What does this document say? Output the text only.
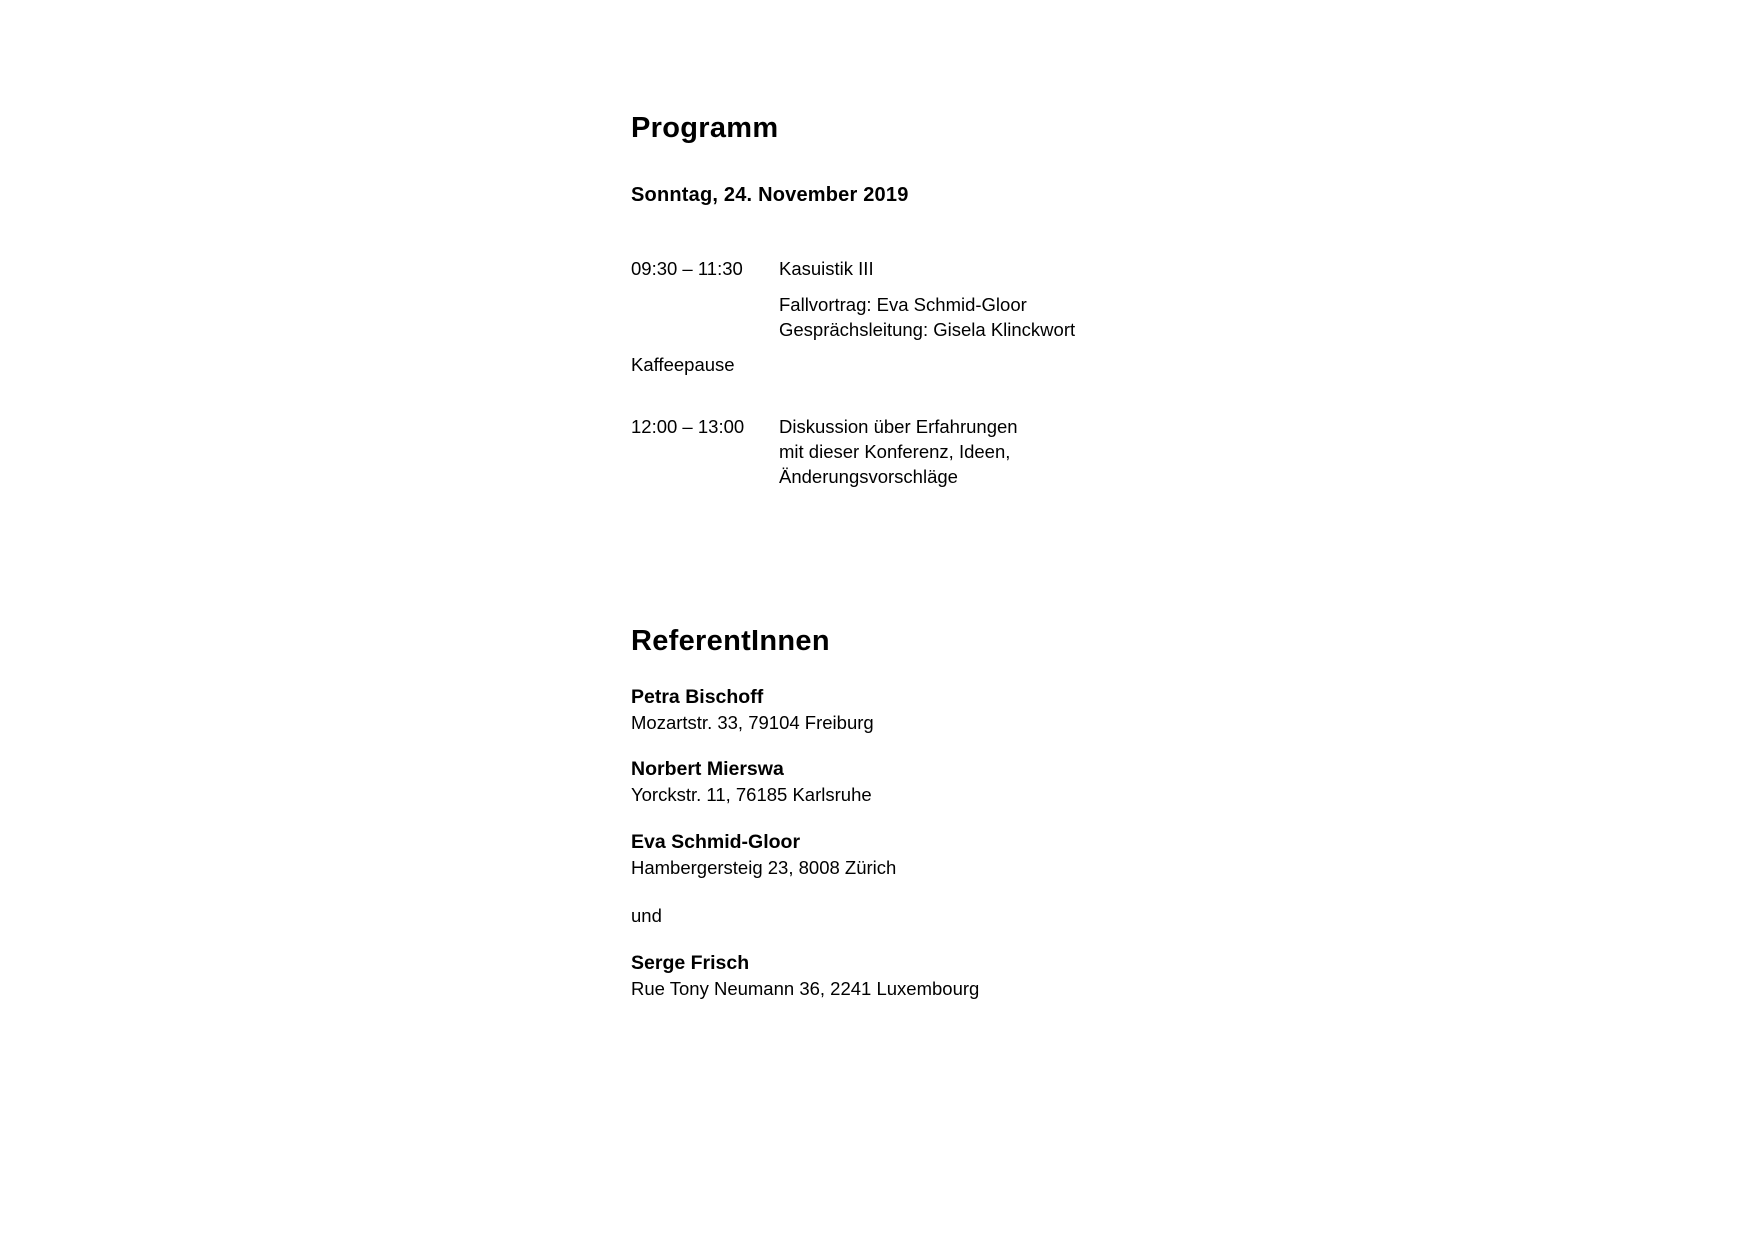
Programm
Sonntag, 24. November 2019
09:30 – 11:30 Kasuistik III
Fallvortrag: Eva Schmid-Gloor
Gesprächsleitung: Gisela Klinckwort
Kaffeepause
12:00 – 13:00 Diskussion über Erfahrungen
mit dieser Konferenz, Ideen,
Änderungsvorschläge
ReferentInnen
Petra Bischoff
Mozartstr. 33, 79104 Freiburg
Norbert Mierswa
Yorckstr. 11, 76185 Karlsruhe
Eva Schmid-Gloor
Hambergersteig 23, 8008 Zürich
und
Serge Frisch
Rue Tony Neumann 36, 2241 Luxembourg
